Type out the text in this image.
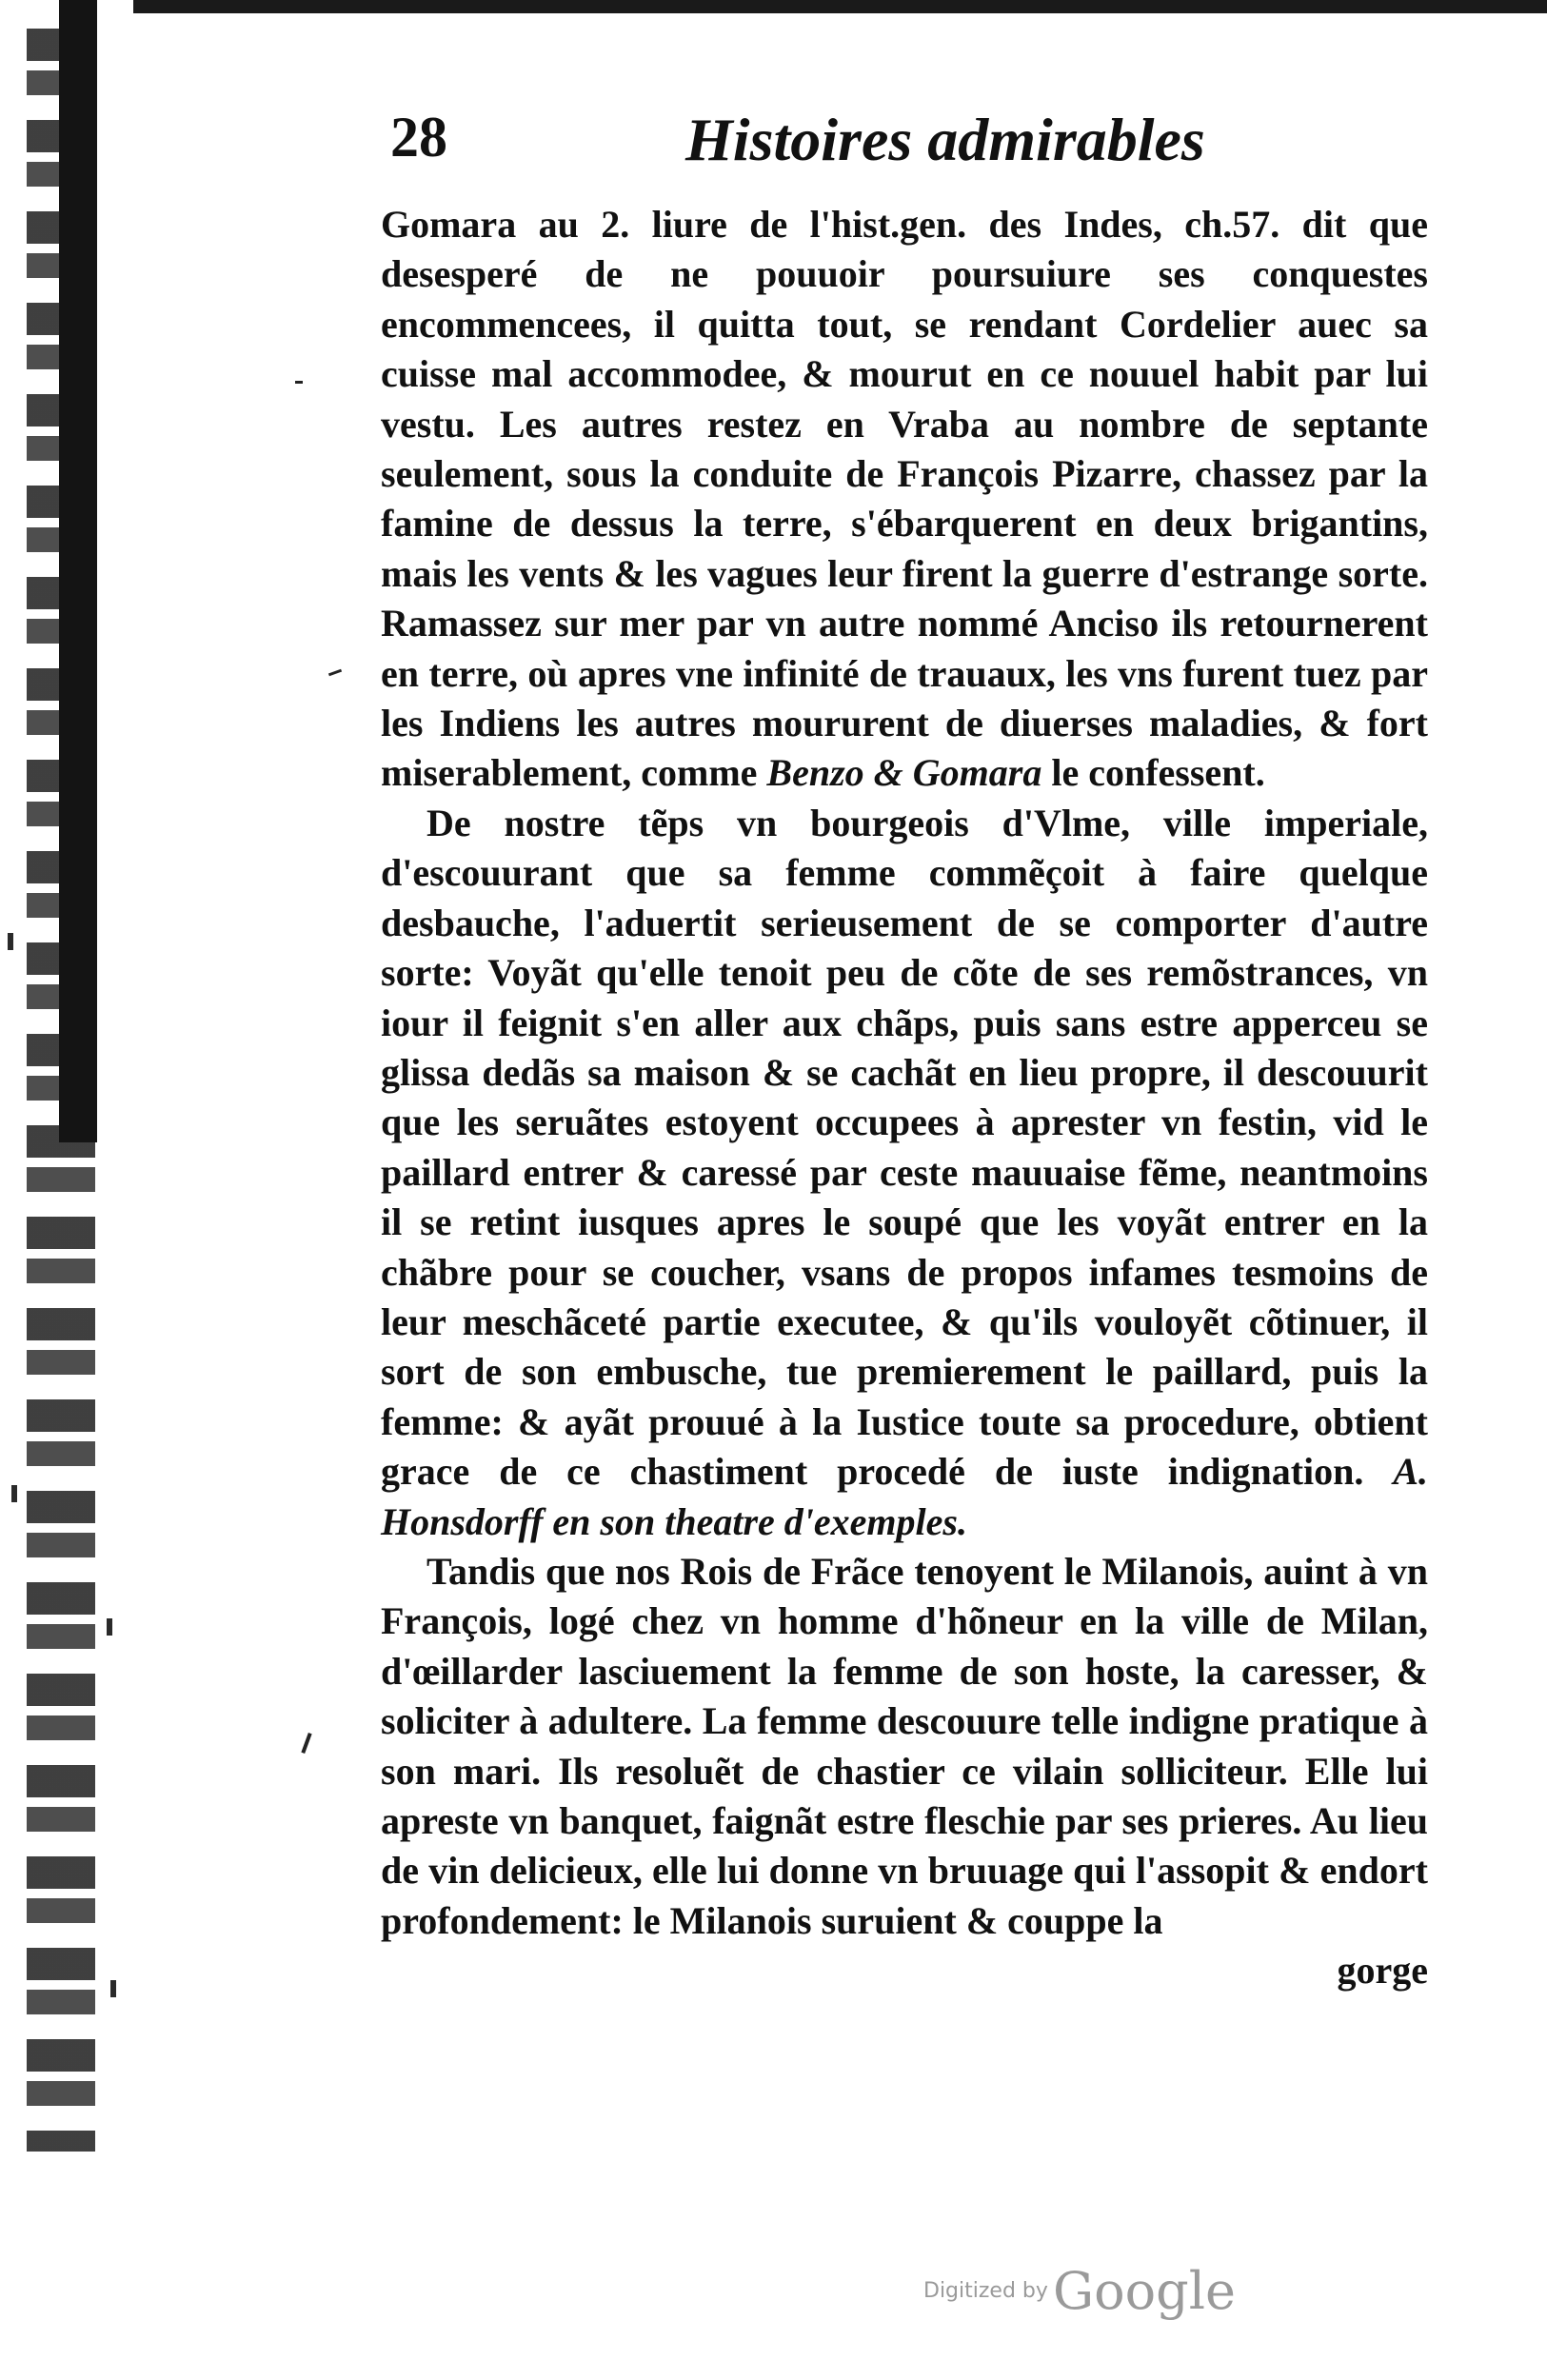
28	Histoires admirables

Gomara au 2. liure de l'hist.gen. des Indes, ch.57. dit que desesperé de ne pouuoir poursuiure ses conquestes encommencees, il quitta tout, se rendant Cordelier auec sa cuisse mal accommodee, & mourut en ce nouuel habit par lui vestu. Les autres restez en Vraba au nombre de septante seulement, sous la conduite de François Pizarre, chassez par la famine de dessus la terre, s'ébarquerent en deux brigantins, mais les vents & les vagues leur firent la guerre d'estrange sorte. Ramassez sur mer par vn autre nommé Anciso ils retournerent en terre, où apres vne infinité de trauaux, les vns furent tuez par les Indiens les autres moururent de diuerses maladies, & fort miserablement, comme Benzo & Gomara le confessent.

De nostre tẽps vn bourgeois d'Vlme, ville imperiale, d'escouurant que sa femme commẽçoit à faire quelque desbauche, l'aduertit serieusement de se comporter d'autre sorte: Voyãt qu'elle tenoit peu de cõte de ses remõstrances, vn iour il feignit s'en aller aux chãps, puis sans estre apperceu se glissa dedãs sa maison & se cachãt en lieu propre, il descouurit que les seruãtes estoyent occupees à aprester vn festin, vid le paillard entrer & caressé par ceste mauuaise fẽme, neantmoins il se retint iusques apres le soupé que les voyãt entrer en la chãbre pour se coucher, vsans de propos infames tesmoins de leur meschãceté partie executee, & qu'ils vouloyẽt cõtinuer, il sort de son embusche, tue premierement le paillard, puis la femme: & ayãt prouué à la Iustice toute sa procedure, obtient grace de ce chastiment procedé de iuste indignation. A. Honsdorff en son theatre d'exemples.

Tandis que nos Rois de Frãce tenoyent le Milanois, auint à vn François, logé chez vn homme d'hõneur en la ville de Milan, d'œillarder lasciuement la femme de son hoste, la caresser, & soliciter à adultere. La femme descouure telle indigne pratique à son mari. Ils resoluẽt de chastier ce vilain solliciteur. Elle lui apreste vn banquet, faignãt estre fleschie par ses prieres. Au lieu de vin delicieux, elle lui donne vn bruuage qui l'assopit & endort profondement: le Milanois suruient & couppe la

gorge
Digitized by Google
